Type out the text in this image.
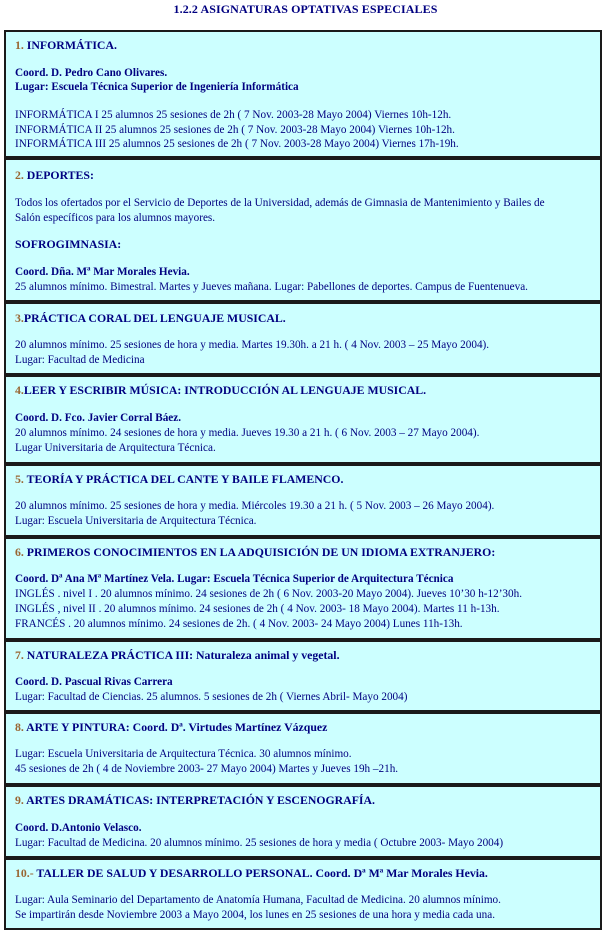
1.2.2 ASIGNATURAS OPTATIVAS ESPECIALES
1. INFORMÁTICA.
Coord. D. Pedro Cano Olivares.
Lugar: Escuela Técnica Superior de Ingeniería Informática
INFORMÁTICA I 25 alumnos 25 sesiones de 2h ( 7 Nov. 2003-28 Mayo 2004) Viernes 10h-12h.
INFORMÁTICA II 25 alumnos 25 sesiones de 2h ( 7 Nov. 2003-28 Mayo 2004) Viernes 10h-12h.
INFORMÁTICA III 25 alumnos 25 sesiones de 2h ( 7 Nov. 2003-28 Mayo 2004) Viernes 17h-19h.
2. DEPORTES:
Todos los ofertados por el Servicio de Deportes de la Universidad, además de Gimnasia de Mantenimiento y Bailes de
Salón específicos para los alumnos mayores.
SOFROGIMNASIA:
Coord. Dña. Mª Mar Morales Hevia.
25 alumnos mínimo. Bimestral. Martes y Jueves mañana. Lugar: Pabellones de deportes. Campus de Fuentenueva.
3.PRÁCTICA CORAL DEL LENGUAJE MUSICAL.
20 alumnos mínimo. 25 sesiones de hora y media. Martes 19.30h. a 21 h. ( 4 Nov. 2003 – 25 Mayo 2004).
Lugar: Facultad de Medicina
4.LEER Y ESCRIBIR MÚSICA: INTRODUCCIÓN AL LENGUAJE MUSICAL.
Coord. D. Fco. Javier Corral Báez.
20 alumnos mínimo. 24 sesiones de hora y media. Jueves 19.30 a 21 h. ( 6 Nov. 2003 – 27 Mayo 2004).
Lugar Universitaria de Arquitectura Técnica.
5. TEORÍA Y PRÁCTICA DEL CANTE Y BAILE FLAMENCO.
20 alumnos mínimo. 25 sesiones de hora y media. Miércoles 19.30 a 21 h. ( 5 Nov. 2003 – 26 Mayo 2004).
Lugar: Escuela Universitaria de Arquitectura Técnica.
6. PRIMEROS CONOCIMIENTOS EN LA ADQUISICIÓN DE UN IDIOMA EXTRANJERO:
Coord. Dª Ana Mª Martínez Vela. Lugar: Escuela Técnica Superior de Arquitectura Técnica
INGLÉS . nivel I . 20 alumnos mínimo. 24 sesiones de 2h ( 6 Nov. 2003-20 Mayo 2004). Jueves 10’30 h-12’30h.
INGLÉS , nivel II . 20 alumnos mínimo. 24 sesiones de 2h ( 4 Nov. 2003- 18 Mayo 2004). Martes 11 h-13h.
FRANCÉS . 20 alumnos mínimo. 24 sesiones de 2h. ( 4 Nov. 2003- 24 Mayo 2004) Lunes 11h-13h.
7. NATURALEZA PRÁCTICA III: Naturaleza animal y vegetal.
Coord. D. Pascual Rivas Carrera
Lugar: Facultad de Ciencias. 25 alumnos. 5 sesiones de 2h ( Viernes Abril- Mayo 2004)
8. ARTE Y PINTURA: Coord. Dª. Virtudes Martínez Vázquez
Lugar: Escuela Universitaria de Arquitectura Técnica. 30 alumnos mínimo.
45 sesiones de 2h ( 4 de Noviembre 2003- 27 Mayo 2004) Martes y Jueves 19h –21h.
9. ARTES DRAMÁTICAS: INTERPRETACIÓN Y ESCENOGRAFÍA.
Coord. D.Antonio Velasco.
Lugar: Facultad de Medicina. 20 alumnos mínimo. 25 sesiones de hora y media ( Octubre 2003- Mayo 2004)
10.- TALLER DE SALUD Y DESARROLLO PERSONAL. Coord. Dª Mª Mar Morales Hevia.
Lugar: Aula Seminario del Departamento de Anatomía Humana, Facultad de Medicina. 20 alumnos mínimo.
Se impartirán desde Noviembre 2003 a Mayo 2004, los lunes en 25 sesiones de una hora y media cada una.
